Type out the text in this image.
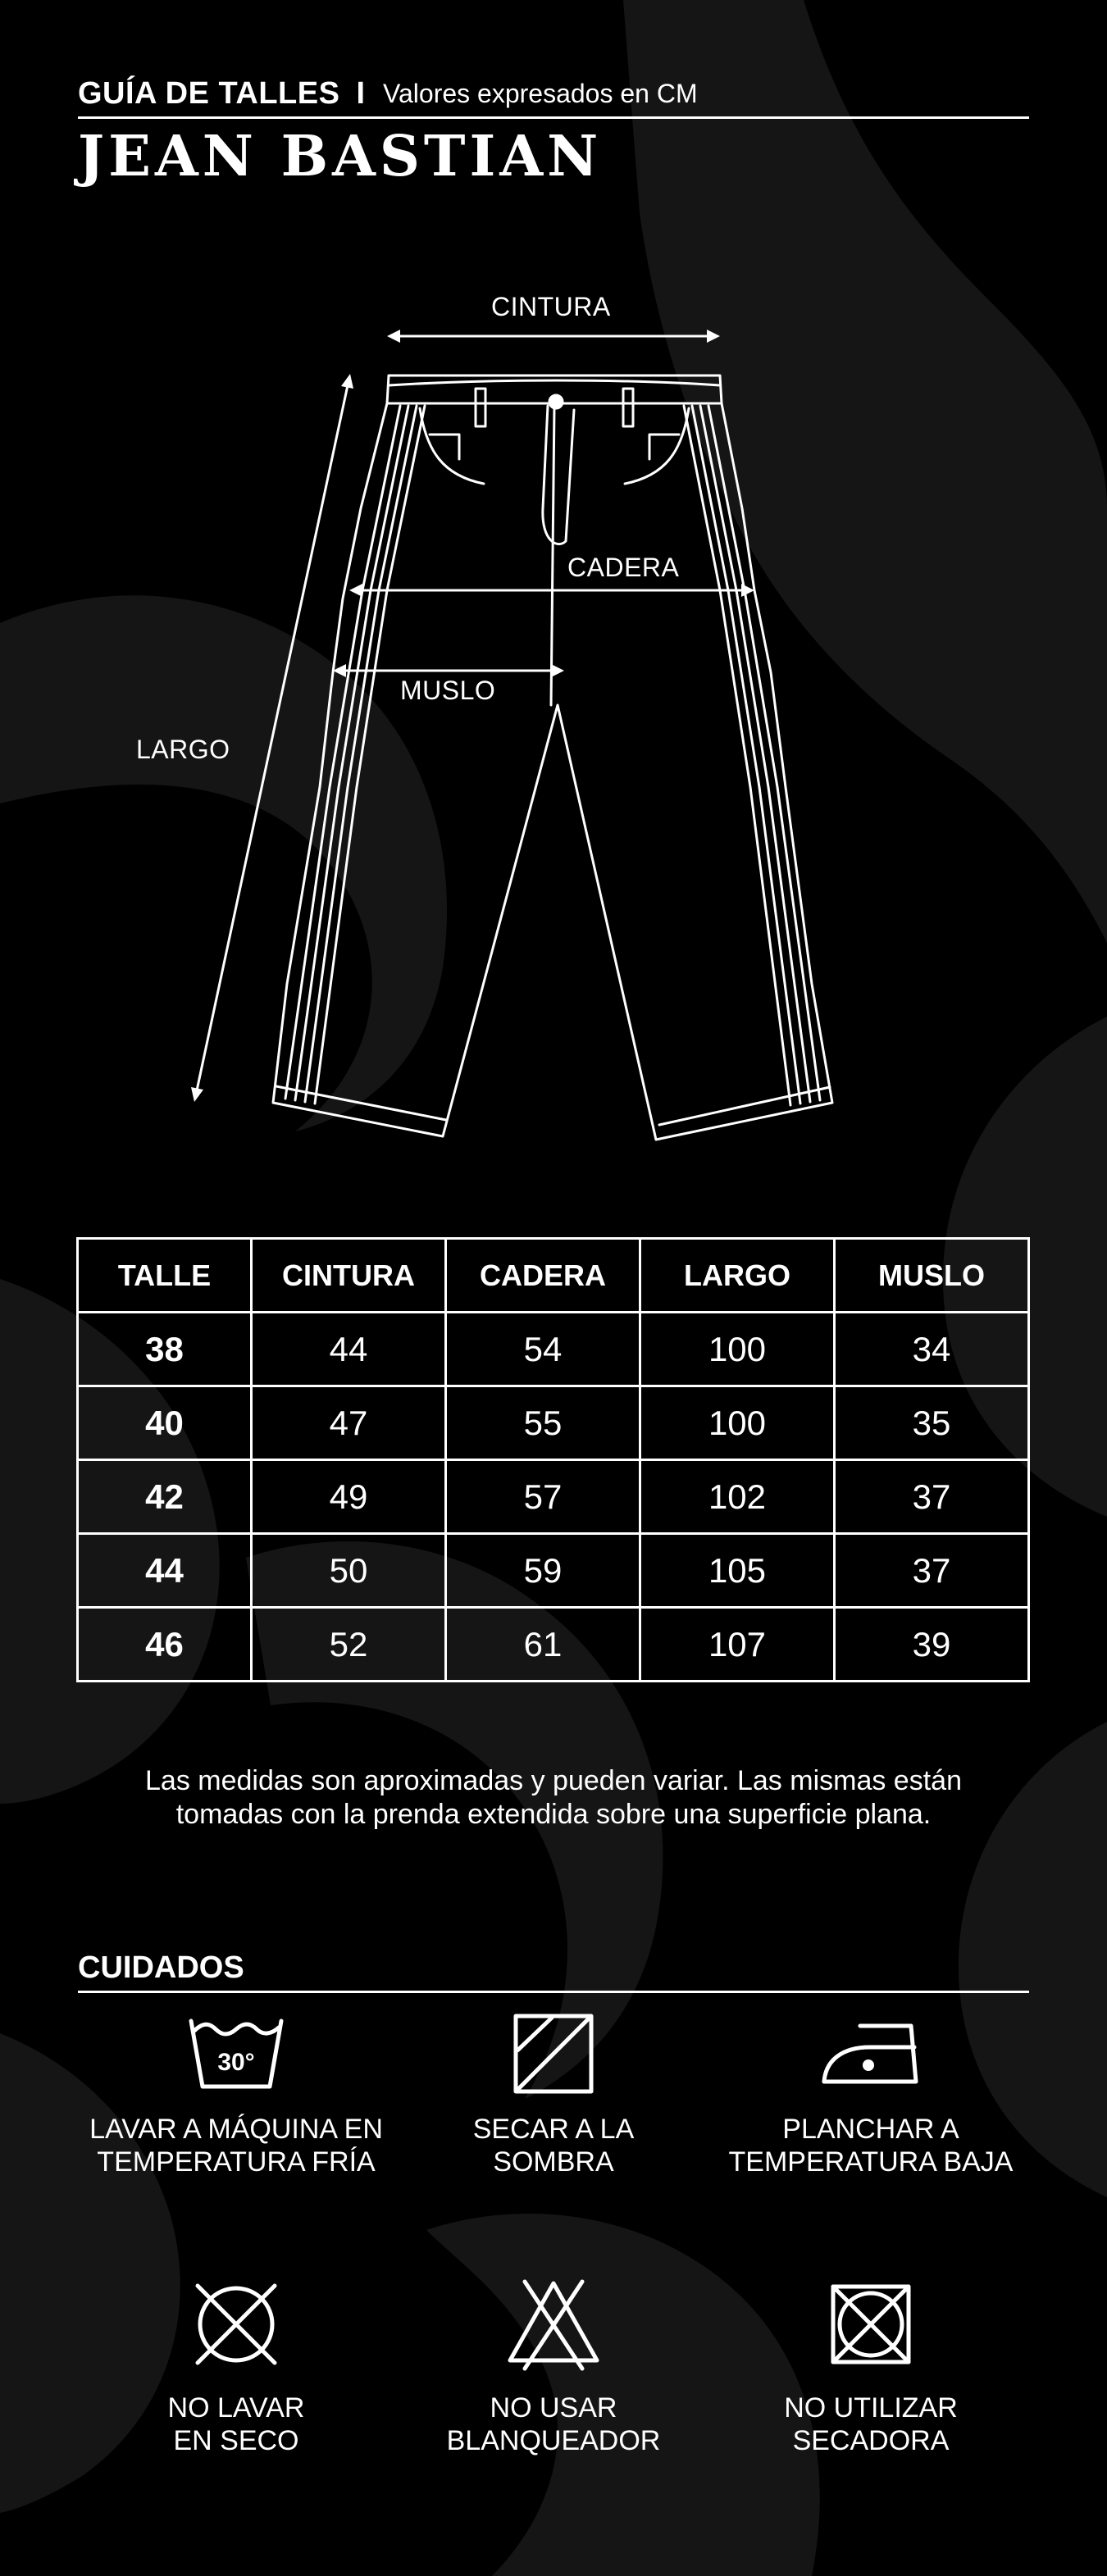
GUÍA DE TALLES I Valores expresados en CM
JEAN BASTIAN
CINTURA
CADERA
MUSLO
LARGO
TALLE	CINTURA	CADERA	LARGO	MUSLO
38	44	54	100	34
40	47	55	100	35
42	49	57	102	37
44	50	59	105	37
46	52	61	107	39
Las medidas son aproximadas y pueden variar. Las mismas están
tomadas con la prenda extendida sobre una superficie plana.
CUIDADOS
30°
LAVAR A MÁQUINA EN
TEMPERATURA FRÍA
SECAR A LA
SOMBRA
PLANCHAR A
TEMPERATURA BAJA
NO LAVAR
EN SECO
NO USAR
BLANQUEADOR
NO UTILIZAR
SECADORA
